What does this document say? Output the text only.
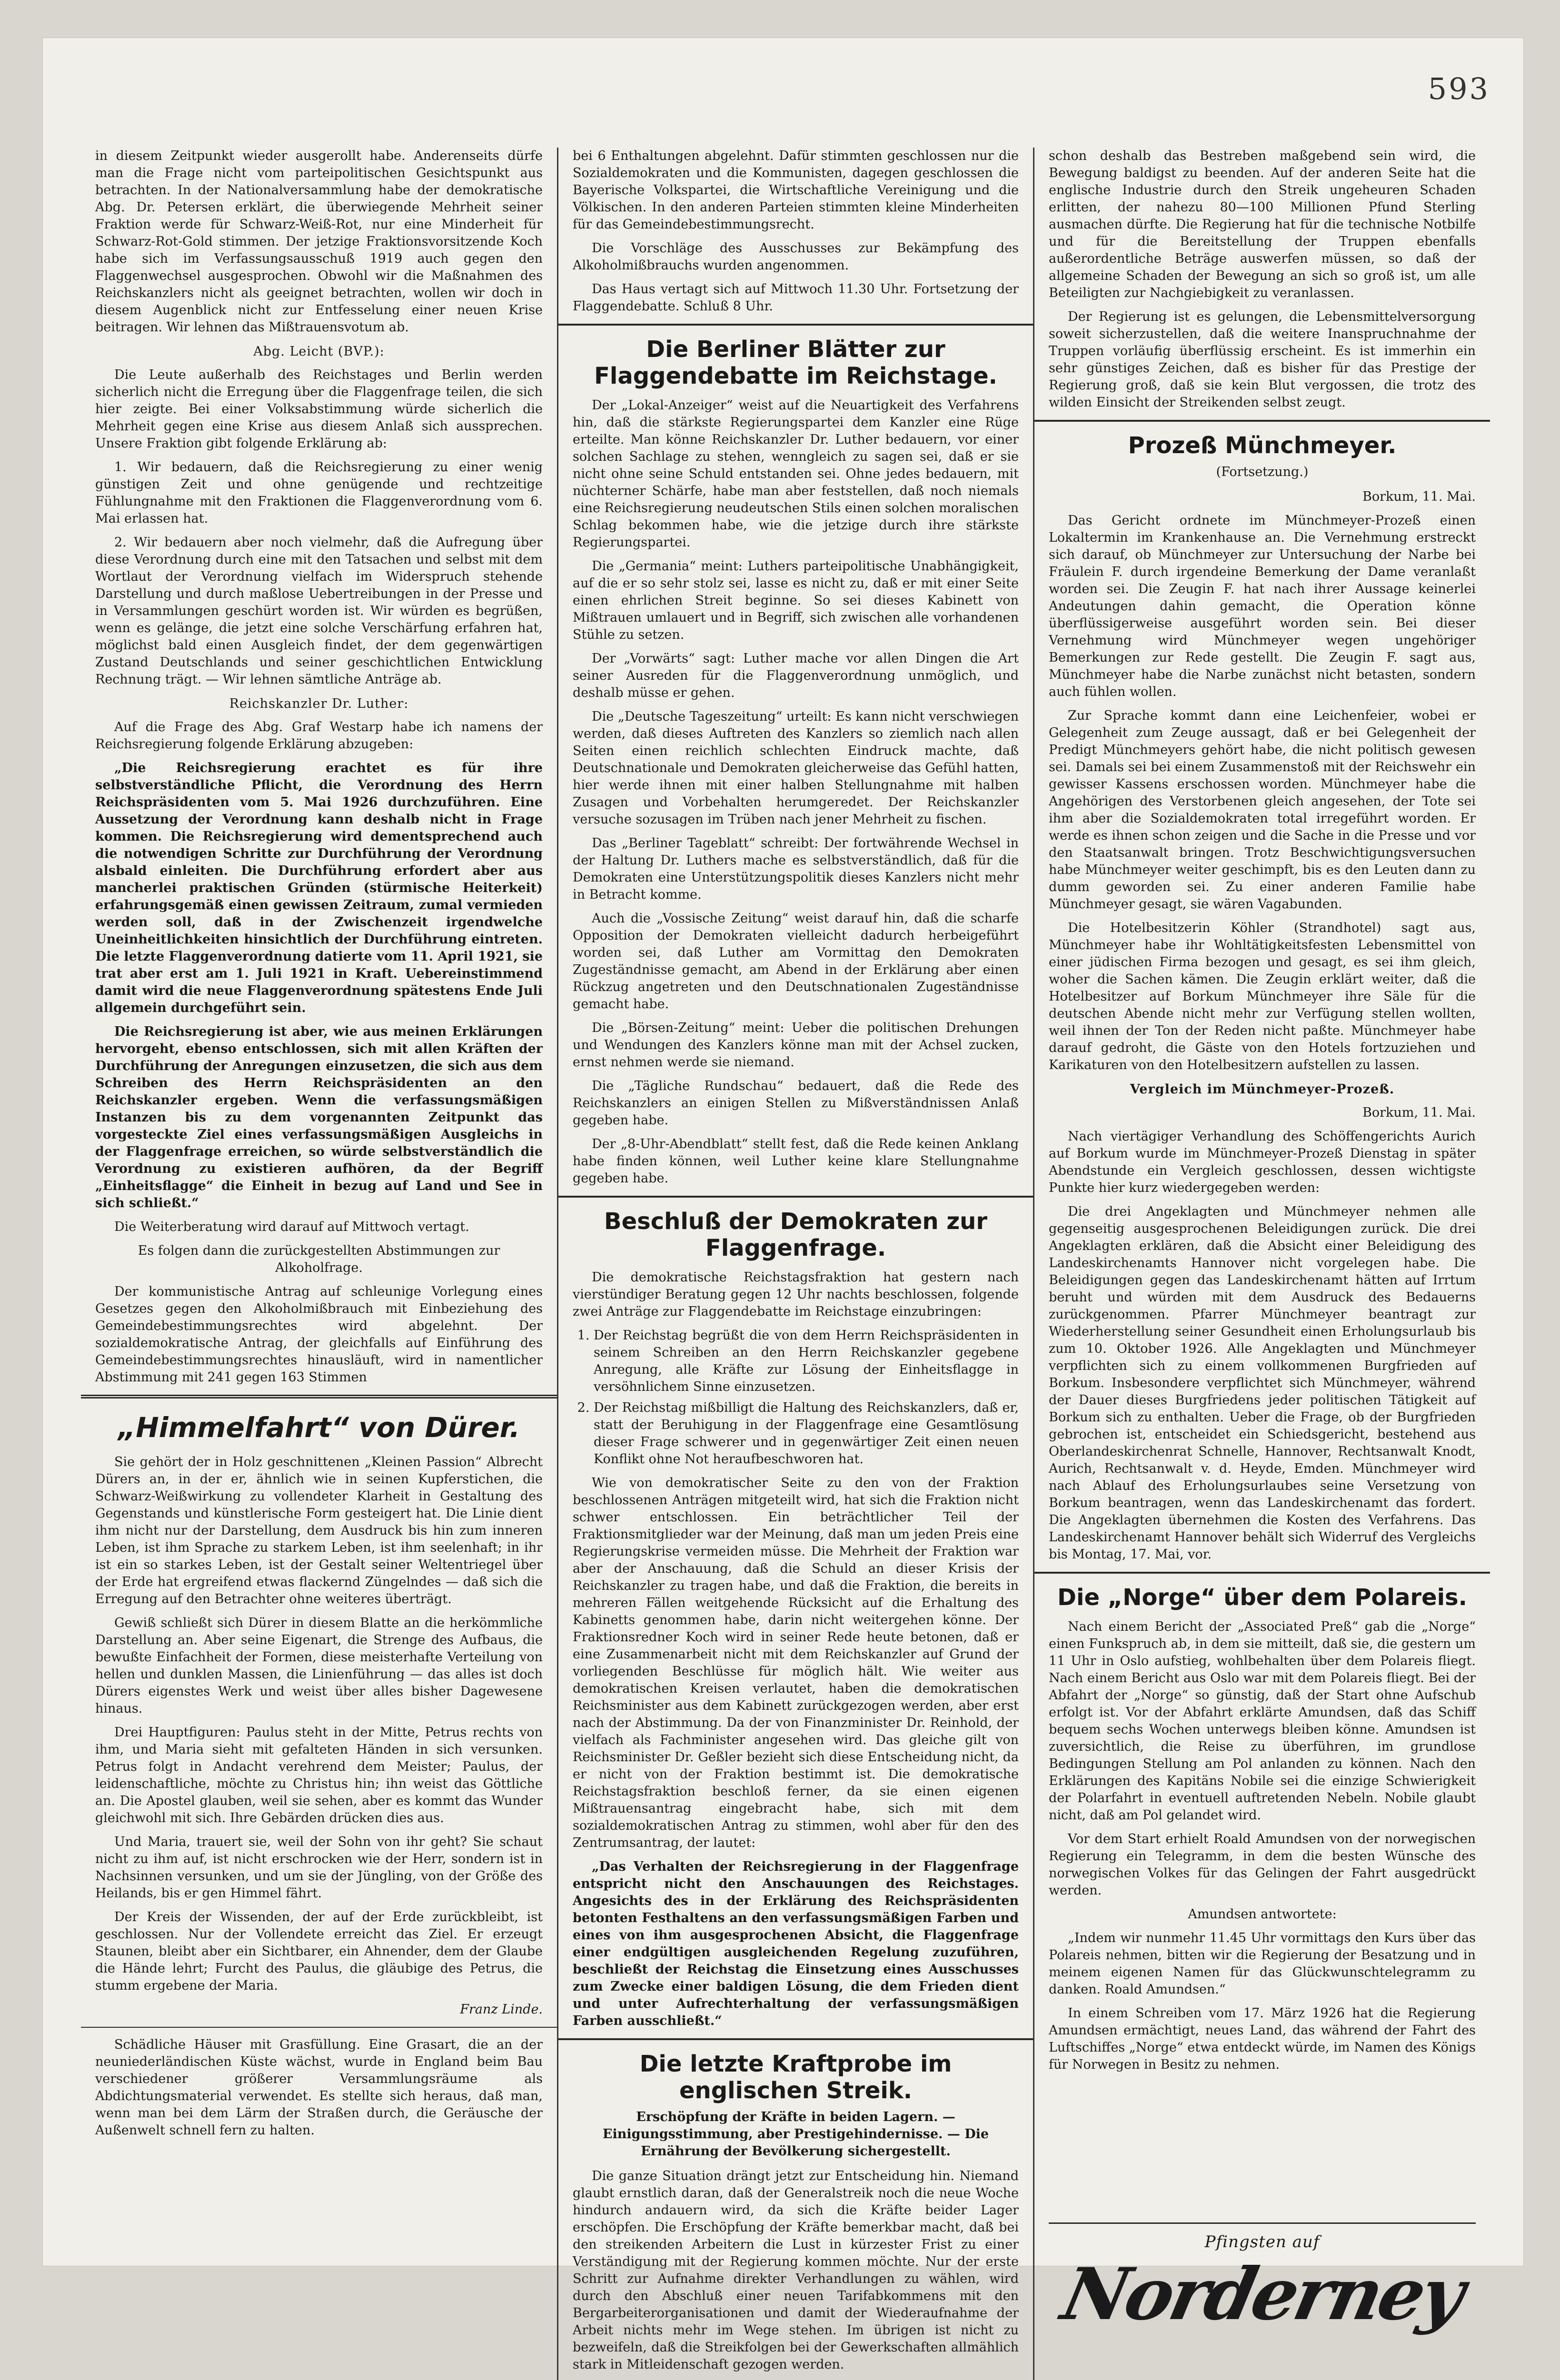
593

in diesem Zeitpunkt wieder ausgerollt habe. Anderenseits dürfe man die Frage nicht vom parteipolitischen Gesichtspunkt aus betrachten. In der Nationalversammlung habe der demokratische Abg. Dr. Petersen erklärt, die überwiegende Mehrheit seiner Fraktion werde für Schwarz-Weiß-Rot, nur eine Minderheit für Schwarz-Rot-Gold stimmen. Der jetzige Fraktionsvorsitzende Koch habe sich im Verfassungsausschuß 1919 auch gegen den Flaggenwechsel ausgesprochen. Obwohl wir die Maßnahmen des Reichskanzlers nicht als geeignet betrachten, wollen wir doch in diesem Augenblick nicht zur Entfesselung einer neuen Krise beitragen. Wir lehnen das Mißtrauensvotum ab.

Abg. Leicht (BVP.):

Die Leute außerhalb des Reichstages und Berlin werden sicherlich nicht die Erregung über die Flaggenfrage teilen, die sich hier zeigte. Bei einer Volksabstimmung würde sicherlich die Mehrheit gegen eine Krise aus diesem Anlaß sich aussprechen. Unsere Fraktion gibt folgende Erklärung ab:

1. Wir bedauern, daß die Reichsregierung zu einer wenig günstigen Zeit und ohne genügende und rechtzeitige Fühlungnahme mit den Fraktionen die Flaggenverordnung vom 6. Mai erlassen hat.

2. Wir bedauern aber noch vielmehr, daß die Aufregung über diese Verordnung durch eine mit den Tatsachen und selbst mit dem Wortlaut der Verordnung vielfach im Widerspruch stehende Darstellung und durch maßlose Uebertreibungen in der Presse und in Versammlungen geschürt worden ist. Wir würden es begrüßen, wenn es gelänge, die jetzt eine solche Verschärfung erfahren hat, möglichst bald einen Ausgleich findet, der dem gegenwärtigen Zustand Deutschlands und seiner geschichtlichen Entwicklung Rechnung trägt. — Wir lehnen sämtliche Anträge ab.

Reichskanzler Dr. Luther:

Auf die Frage des Abg. Graf Westarp habe ich namens der Reichsregierung folgende Erklärung abzugeben:

„Die Reichsregierung erachtet es für ihre selbstverständliche Pflicht, die Verordnung des Herrn Reichspräsidenten vom 5. Mai 1926 durchzuführen. Eine Aussetzung der Verordnung kann deshalb nicht in Frage kommen. Die Reichsregierung wird dementsprechend auch die notwendigen Schritte zur Durchführung der Verordnung alsbald einleiten. Die Durchführung erfordert aber aus mancherlei praktischen Gründen (stürmische Heiterkeit) erfahrungsgemäß einen gewissen Zeitraum, zumal vermieden werden soll, daß in der Zwischenzeit irgendwelche Uneinheitlichkeiten hinsichtlich der Durchführung eintreten. Die letzte Flaggenverordnung datierte vom 11. April 1921, sie trat aber erst am 1. Juli 1921 in Kraft. Uebereinstimmend damit wird die neue Flaggenverordnung spätestens Ende Juli allgemein durchgeführt sein.

Die Reichsregierung ist aber, wie aus meinen Erklärungen hervorgeht, ebenso entschlossen, sich mit allen Kräften der Durchführung der Anregungen einzusetzen, die sich aus dem Schreiben des Herrn Reichspräsidenten an den Reichskanzler ergeben. Wenn die verfassungsmäßigen Instanzen bis zu dem vorgenannten Zeitpunkt das vorgesteckte Ziel eines verfassungsmäßigen Ausgleichs in der Flaggenfrage erreichen, so würde selbstverständlich die Verordnung zu existieren aufhören, da der Begriff „Einheitsflagge“ die Einheit in bezug auf Land und See in sich schließt.“

Die Weiterberatung wird darauf auf Mittwoch vertagt.

Es folgen dann die zurückgestellten Abstimmungen zur Alkoholfrage.

Der kommunistische Antrag auf schleunige Vorlegung eines Gesetzes gegen den Alkoholmißbrauch mit Einbeziehung des Gemeindebestimmungsrechtes wird abgelehnt. Der sozialdemokratische Antrag, der gleichfalls auf Einführung des Gemeindebestimmungsrechtes hinausläuft, wird in namentlicher Abstimmung mit 241 gegen 163 Stimmen

„Himmelfahrt“ von Dürer.

Sie gehört der in Holz geschnittenen „Kleinen Passion“ Albrecht Dürers an, in der er, ähnlich wie in seinen Kupferstichen, die Schwarz-Weißwirkung zu vollendeter Klarheit in Gestaltung des Gegenstands und künstlerische Form gesteigert hat. Die Linie dient ihm nicht nur der Darstellung, dem Ausdruck bis hin zum inneren Leben, ist ihm Sprache zu starkem Leben, ist ihm seelenhaft; in ihr ist ein so starkes Leben, ist der Gestalt seiner Weltentriegel über der Erde hat ergreifend etwas flackernd Züngelndes — daß sich die Erregung auf den Betrachter ohne weiteres überträgt.

Gewiß schließt sich Dürer in diesem Blatte an die herkömmliche Darstellung an. Aber seine Eigenart, die Strenge des Aufbaus, die bewußte Einfachheit der Formen, diese meisterhafte Verteilung von hellen und dunklen Massen, die Linienführung — das alles ist doch Dürers eigenstes Werk und weist über alles bisher Dagewesene hinaus.

Drei Hauptfiguren: Paulus steht in der Mitte, Petrus rechts von ihm, und Maria sieht mit gefalteten Händen in sich versunken. Petrus folgt in Andacht verehrend dem Meister; Paulus, der leidenschaftliche, möchte zu Christus hin; ihn weist das Göttliche an. Die Apostel glauben, weil sie sehen, aber es kommt das Wunder gleichwohl mit sich. Ihre Gebärden drücken dies aus.

Und Maria, trauert sie, weil der Sohn von ihr geht? Sie schaut nicht zu ihm auf, ist nicht erschrocken wie der Herr, sondern ist in Nachsinnen versunken, und um sie der Jüngling, von der Größe des Heilands, bis er gen Himmel fährt.

Der Kreis der Wissenden, der auf der Erde zurückbleibt, ist geschlossen. Nur der Vollendete erreicht das Ziel. Er erzeugt Staunen, bleibt aber ein Sichtbarer, ein Ahnender, dem der Glaube die Hände lehrt; Furcht des Paulus, die gläubige des Petrus, die stumm ergebene der Maria.

Franz Linde.

Schädliche Häuser mit Grasfüllung. Eine Grasart, die an der neuniederländischen Küste wächst, wurde in England beim Bau verschiedener größerer Versammlungsräume als Abdichtungsmaterial verwendet. Es stellte sich heraus, daß man, wenn man bei dem Lärm der Straßen durch, die Geräusche der Außenwelt schnell fern zu halten.

bei 6 Enthaltungen abgelehnt. Dafür stimmten geschlossen nur die Sozialdemokraten und die Kommunisten, dagegen geschlossen die Bayerische Volkspartei, die Wirtschaftliche Vereinigung und die Völkischen. In den anderen Parteien stimmten kleine Minderheiten für das Gemeindebestimmungsrecht.

Die Vorschläge des Ausschusses zur Bekämpfung des Alkoholmißbrauchs wurden angenommen.

Das Haus vertagt sich auf Mittwoch 11.30 Uhr. Fortsetzung der Flaggendebatte. Schluß 8 Uhr.

Die Berliner Blätter zur Flaggendebatte im Reichstage.

Der „Lokal-Anzeiger“ weist auf die Neuartigkeit des Verfahrens hin, daß die stärkste Regierungspartei dem Kanzler eine Rüge erteilte. Man könne Reichskanzler Dr. Luther bedauern, vor einer solchen Sachlage zu stehen, wenngleich zu sagen sei, daß er sie nicht ohne seine Schuld entstanden sei. Ohne jedes bedauern, mit nüchterner Schärfe, habe man aber feststellen, daß noch niemals eine Reichsregierung neudeutschen Stils einen solchen moralischen Schlag bekommen habe, wie die jetzige durch ihre stärkste Regierungspartei.

Die „Germania“ meint: Luthers parteipolitische Unabhängigkeit, auf die er so sehr stolz sei, lasse es nicht zu, daß er mit einer Seite einen ehrlichen Streit beginne. So sei dieses Kabinett von Mißtrauen umlauert und in Begriff, sich zwischen alle vorhandenen Stühle zu setzen.

Der „Vorwärts“ sagt: Luther mache vor allen Dingen die Art seiner Ausreden für die Flaggenverordnung unmöglich, und deshalb müsse er gehen.

Die „Deutsche Tageszeitung“ urteilt: Es kann nicht verschwiegen werden, daß dieses Auftreten des Kanzlers so ziemlich nach allen Seiten einen reichlich schlechten Eindruck machte, daß Deutschnationale und Demokraten gleicherweise das Gefühl hatten, hier werde ihnen mit einer halben Stellungnahme mit halben Zusagen und Vorbehalten herumgeredet. Der Reichskanzler versuche sozusagen im Trüben nach jener Mehrheit zu fischen.

Das „Berliner Tageblatt“ schreibt: Der fortwährende Wechsel in der Haltung Dr. Luthers mache es selbstverständlich, daß für die Demokraten eine Unterstützungspolitik dieses Kanzlers nicht mehr in Betracht komme.

Auch die „Vossische Zeitung“ weist darauf hin, daß die scharfe Opposition der Demokraten vielleicht dadurch herbeigeführt worden sei, daß Luther am Vormittag den Demokraten Zugeständnisse gemacht, am Abend in der Erklärung aber einen Rückzug angetreten und den Deutschnationalen Zugeständnisse gemacht habe.

Die „Börsen-Zeitung“ meint: Ueber die politischen Drehungen und Wendungen des Kanzlers könne man mit der Achsel zucken, ernst nehmen werde sie niemand.

Die „Tägliche Rundschau“ bedauert, daß die Rede des Reichskanzlers an einigen Stellen zu Mißverständnissen Anlaß gegeben habe.

Der „8-Uhr-Abendblatt“ stellt fest, daß die Rede keinen Anklang habe finden können, weil Luther keine klare Stellungnahme gegeben habe.

Beschluß der Demokraten zur Flaggenfrage.

Die demokratische Reichstagsfraktion hat gestern nach vierstündiger Beratung gegen 12 Uhr nachts beschlossen, folgende zwei Anträge zur Flaggendebatte im Reichstage einzubringen:

1. Der Reichstag begrüßt die von dem Herrn Reichspräsidenten in seinem Schreiben an den Herrn Reichskanzler gegebene Anregung, alle Kräfte zur Lösung der Einheitsflagge in versöhnlichem Sinne einzusetzen.
2. Der Reichstag mißbilligt die Haltung des Reichskanzlers, daß er, statt der Beruhigung in der Flaggenfrage eine Gesamtlösung dieser Frage schwerer und in gegenwärtiger Zeit einen neuen Konflikt ohne Not heraufbeschworen hat.

Wie von demokratischer Seite zu den von der Fraktion beschlossenen Anträgen mitgeteilt wird, hat sich die Fraktion nicht schwer entschlossen. Ein beträchtlicher Teil der Fraktionsmitglieder war der Meinung, daß man um jeden Preis eine Regierungskrise vermeiden müsse. Die Mehrheit der Fraktion war aber der Anschauung, daß die Schuld an dieser Krisis der Reichskanzler zu tragen habe, und daß die Fraktion, die bereits in mehreren Fällen weitgehende Rücksicht auf die Erhaltung des Kabinetts genommen habe, darin nicht weitergehen könne. Der Fraktionsredner Koch wird in seiner Rede heute betonen, daß er eine Zusammenarbeit nicht mit dem Reichskanzler auf Grund der vorliegenden Beschlüsse für möglich hält. Wie weiter aus demokratischen Kreisen verlautet, haben die demokratischen Reichsminister aus dem Kabinett zurückgezogen werden, aber erst nach der Abstimmung. Da der von Finanzminister Dr. Reinhold, der vielfach als Fachminister angesehen wird. Das gleiche gilt von Reichsminister Dr. Geßler bezieht sich diese Entscheidung nicht, da er nicht von der Fraktion bestimmt ist. Die demokratische Reichstagsfraktion beschloß ferner, da sie einen eigenen Mißtrauensantrag eingebracht habe, sich mit dem sozialdemokratischen Antrag zu stimmen, wohl aber für den des Zentrumsantrag, der lautet:

„Das Verhalten der Reichsregierung in der Flaggenfrage entspricht nicht den Anschauungen des Reichstages. Angesichts des in der Erklärung des Reichspräsidenten betonten Festhaltens an den verfassungsmäßigen Farben und eines von ihm ausgesprochenen Absicht, die Flaggenfrage einer endgültigen ausgleichenden Regelung zuzuführen, beschließt der Reichstag die Einsetzung eines Ausschusses zum Zwecke einer baldigen Lösung, die dem Frieden dient und unter Aufrechterhaltung der verfassungsmäßigen Farben ausschließt.“

Die letzte Kraftprobe im englischen Streik.
Erschöpfung der Kräfte in beiden Lagern. — Einigungsstimmung, aber Prestigehindernisse. — Die Ernährung der Bevölkerung sichergestellt.

Die ganze Situation drängt jetzt zur Entscheidung hin. Niemand glaubt ernstlich daran, daß der Generalstreik noch die neue Woche hindurch andauern wird, da sich die Kräfte beider Lager erschöpfen. Die Erschöpfung der Kräfte bemerkbar macht, daß bei den streikenden Arbeitern die Lust in kürzester Frist zu einer Verständigung mit der Regierung kommen möchte. Nur der erste Schritt zur Aufnahme direkter Verhandlungen zu wählen, wird durch den Abschluß einer neuen Tarifabkommens mit den Bergarbeiterorganisationen und damit der Wiederaufnahme der Arbeit nichts mehr im Wege stehen. Im übrigen ist nicht zu bezweifeln, daß die Streikfolgen bei der Gewerkschaften allmählich stark in Mitleidenschaft gezogen werden.

schon deshalb das Bestreben maßgebend sein wird, die Bewegung baldigst zu beenden. Auf der anderen Seite hat die englische Industrie durch den Streik ungeheuren Schaden erlitten, der nahezu 80—100 Millionen Pfund Sterling ausmachen dürfte. Die Regierung hat für die technische Notbilfe und für die Bereitstellung der Truppen ebenfalls außerordentliche Beträge auswerfen müssen, so daß der allgemeine Schaden der Bewegung an sich so groß ist, um alle Beteiligten zur Nachgiebigkeit zu veranlassen.

Der Regierung ist es gelungen, die Lebensmittelversorgung soweit sicherzustellen, daß die weitere Inanspruchnahme der Truppen vorläufig überflüssig erscheint. Es ist immerhin ein sehr günstiges Zeichen, daß es bisher für das Prestige der Regierung groß, daß sie kein Blut vergossen, die trotz des wilden Einsicht der Streikenden selbst zeugt.

Prozeß Münchmeyer.
(Fortsetzung.)
Borkum, 11. Mai.

Das Gericht ordnete im Münchmeyer-Prozeß einen Lokaltermin im Krankenhause an. Die Vernehmung erstreckt sich darauf, ob Münchmeyer zur Untersuchung der Narbe bei Fräulein F. durch irgendeine Bemerkung der Dame veranlaßt worden sei. Die Zeugin F. hat nach ihrer Aussage keinerlei Andeutungen dahin gemacht, die Operation könne überflüssigerweise ausgeführt worden sein. Bei dieser Vernehmung wird Münchmeyer wegen ungehöriger Bemerkungen zur Rede gestellt. Die Zeugin F. sagt aus, Münchmeyer habe die Narbe zunächst nicht betasten, sondern auch fühlen wollen.

Zur Sprache kommt dann eine Leichenfeier, wobei er Gelegenheit zum Zeuge aussagt, daß er bei Gelegenheit der Predigt Münchmeyers gehört habe, die nicht politisch gewesen sei. Damals sei bei einem Zusammenstoß mit der Reichswehr ein gewisser Kassens erschossen worden. Münchmeyer habe die Angehörigen des Verstorbenen gleich angesehen, der Tote sei ihm aber die Sozialdemokraten total irregeführt worden. Er werde es ihnen schon zeigen und die Sache in die Presse und vor den Staatsanwalt bringen. Trotz Beschwichtigungsversuchen habe Münchmeyer weiter geschimpft, bis es den Leuten dann zu dumm geworden sei. Zu einer anderen Familie habe Münchmeyer gesagt, sie wären Vagabunden.

Die Hotelbesitzerin Köhler (Strandhotel) sagt aus, Münchmeyer habe ihr Wohltätigkeitsfesten Lebensmittel von einer jüdischen Firma bezogen und gesagt, es sei ihm gleich, woher die Sachen kämen. Die Zeugin erklärt weiter, daß die Hotelbesitzer auf Borkum Münchmeyer ihre Säle für die deutschen Abende nicht mehr zur Verfügung stellen wollten, weil ihnen der Ton der Reden nicht paßte. Münchmeyer habe darauf gedroht, die Gäste von den Hotels fortzuziehen und Karikaturen von den Hotelbesitzern aufstellen zu lassen.

Vergleich im Münchmeyer-Prozeß.
Borkum, 11. Mai.

Nach viertägiger Verhandlung des Schöffengerichts Aurich auf Borkum wurde im Münchmeyer-Prozeß Dienstag in später Abendstunde ein Vergleich geschlossen, dessen wichtigste Punkte hier kurz wiedergegeben werden:

Die drei Angeklagten und Münchmeyer nehmen alle gegenseitig ausgesprochenen Beleidigungen zurück. Die drei Angeklagten erklären, daß die Absicht einer Beleidigung des Landeskirchenamts Hannover nicht vorgelegen habe. Die Beleidigungen gegen das Landeskirchenamt hätten auf Irrtum beruht und würden mit dem Ausdruck des Bedauerns zurückgenommen. Pfarrer Münchmeyer beantragt zur Wiederherstellung seiner Gesundheit einen Erholungsurlaub bis zum 10. Oktober 1926. Alle Angeklagten und Münchmeyer verpflichten sich zu einem vollkommenen Burgfrieden auf Borkum. Insbesondere verpflichtet sich Münchmeyer, während der Dauer dieses Burgfriedens jeder politischen Tätigkeit auf Borkum sich zu enthalten. Ueber die Frage, ob der Burgfrieden gebrochen ist, entscheidet ein Schiedsgericht, bestehend aus Oberlandeskirchenrat Schnelle, Hannover, Rechtsanwalt Knodt, Aurich, Rechtsanwalt v. d. Heyde, Emden. Münchmeyer wird nach Ablauf des Erholungsurlaubes seine Versetzung von Borkum beantragen, wenn das Landeskirchenamt das fordert. Die Angeklagten übernehmen die Kosten des Verfahrens. Das Landeskirchenamt Hannover behält sich Widerruf des Vergleichs bis Montag, 17. Mai, vor.

Die „Norge“ über dem Polareis.

Nach einem Bericht der „Associated Preß“ gab die „Norge“ einen Funkspruch ab, in dem sie mitteilt, daß sie, die gestern um 11 Uhr in Oslo aufstieg, wohlbehalten über dem Polareis fliegt. Nach einem Bericht aus Oslo war mit dem Polareis fliegt. Bei der Abfahrt der „Norge“ so günstig, daß der Start ohne Aufschub erfolgt ist. Vor der Abfahrt erklärte Amundsen, daß das Schiff bequem sechs Wochen unterwegs bleiben könne. Amundsen ist zuversichtlich, die Reise zu überführen, im grundlose Bedingungen Stellung am Pol anlanden zu können. Nach den Erklärungen des Kapitäns Nobile sei die einzige Schwierigkeit der Polarfahrt in eventuell auftretenden Nebeln. Nobile glaubt nicht, daß am Pol gelandet wird.

Vor dem Start erhielt Roald Amundsen von der norwegischen Regierung ein Telegramm, in dem die besten Wünsche des norwegischen Volkes für das Gelingen der Fahrt ausgedrückt werden.

Amundsen antwortete:

„Indem wir nunmehr 11.45 Uhr vormittags den Kurs über das Polareis nehmen, bitten wir die Regierung der Besatzung und in meinem eigenen Namen für das Glückwunschtelegramm zu danken. Roald Amundsen.“

In einem Schreiben vom 17. März 1926 hat die Regierung Amundsen ermächtigt, neues Land, das während der Fahrt des Luftschiffes „Norge“ etwa entdeckt würde, im Namen des Königs für Norwegen in Besitz zu nehmen.

Pfingsten auf
Norderney
